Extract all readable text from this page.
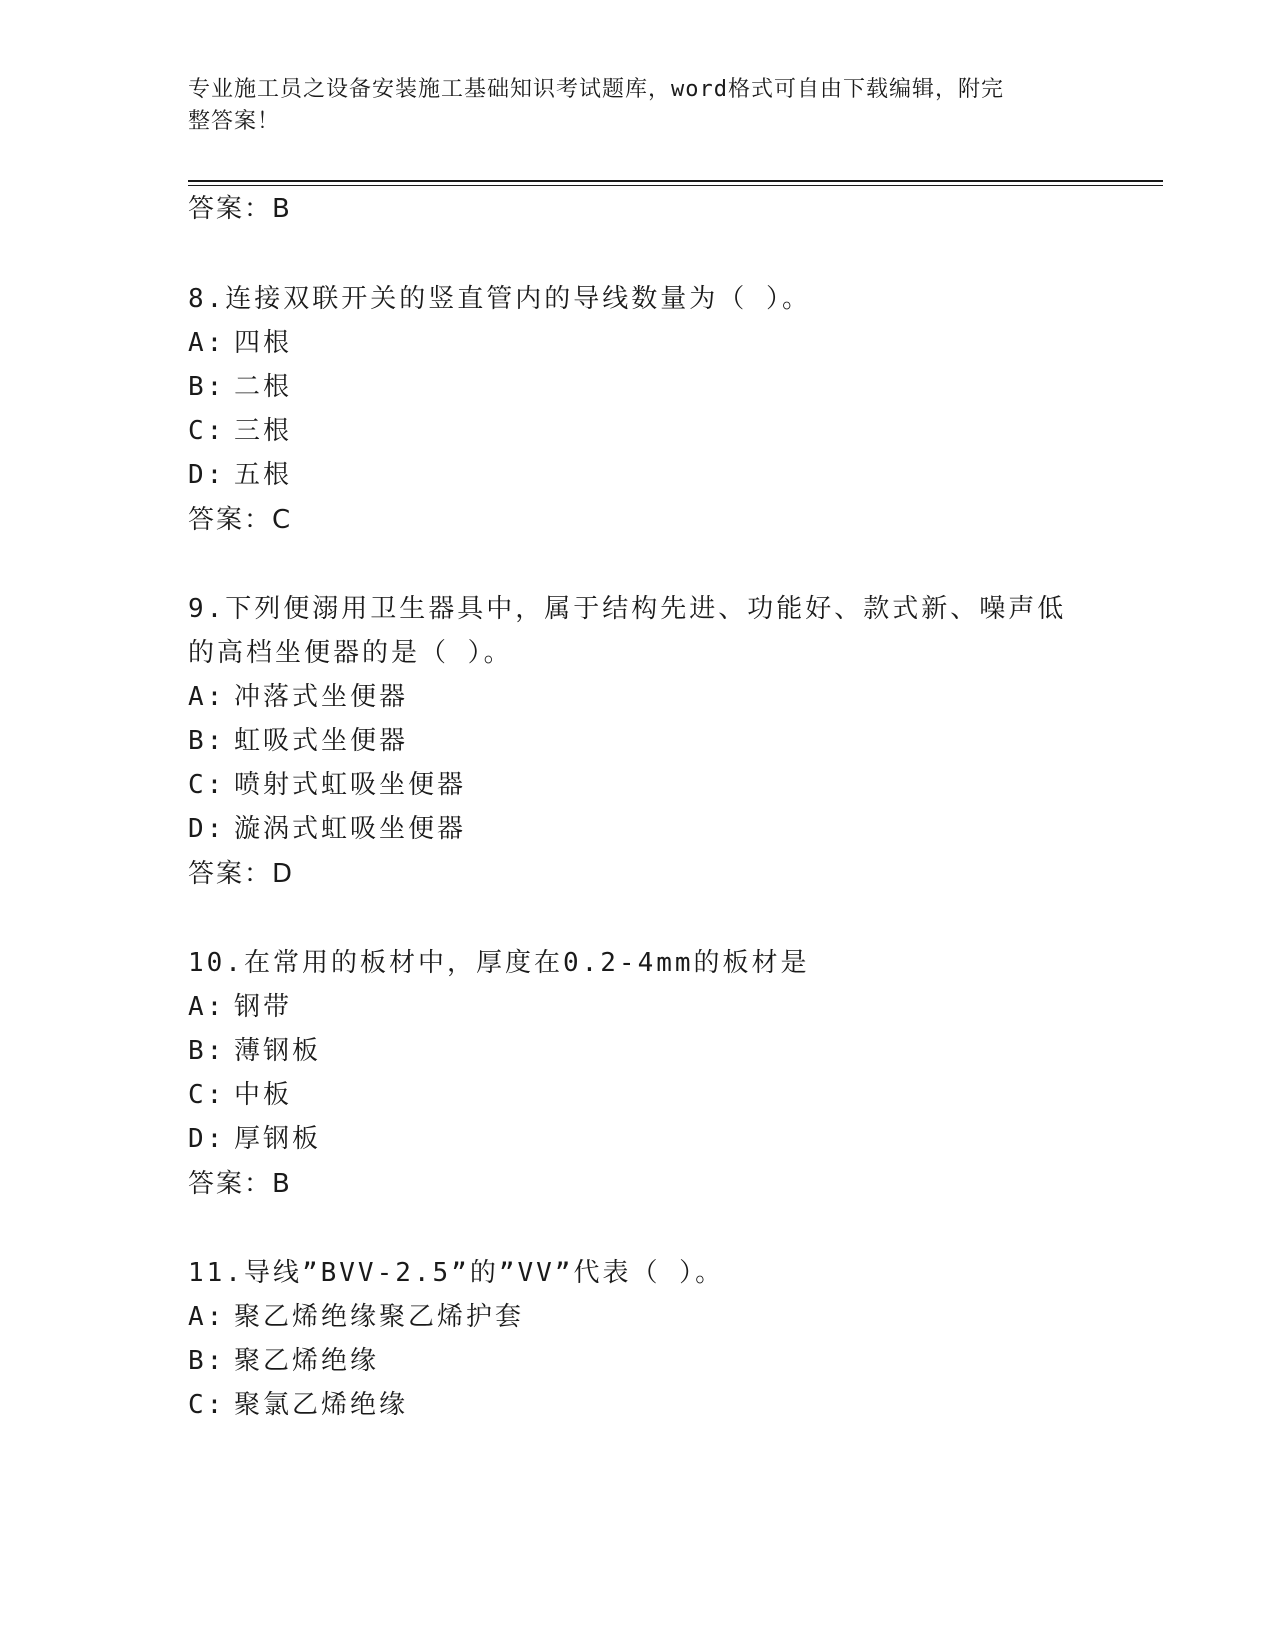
专业施工员之设备安装施工基础知识考试题库，word格式可自由下载编辑，附完
整答案！
答案：B
8.连接双联开关的竖直管内的导线数量为（ ）。
A: 四根
B: 二根
C: 三根
D: 五根
答案：C
9.下列便溺用卫生器具中，属于结构先进、功能好、款式新、噪声低
的高档坐便器的是（ ）。
A: 冲落式坐便器
B: 虹吸式坐便器
C: 喷射式虹吸坐便器
D: 漩涡式虹吸坐便器
答案：D
10.在常用的板材中，厚度在0.2-4mm的板材是
A: 钢带
B: 薄钢板
C: 中板
D: 厚钢板
答案：B
11.导线”BVV-2.5”的”VV”代表（ ）。
A: 聚乙烯绝缘聚乙烯护套
B: 聚乙烯绝缘
C: 聚氯乙烯绝缘
